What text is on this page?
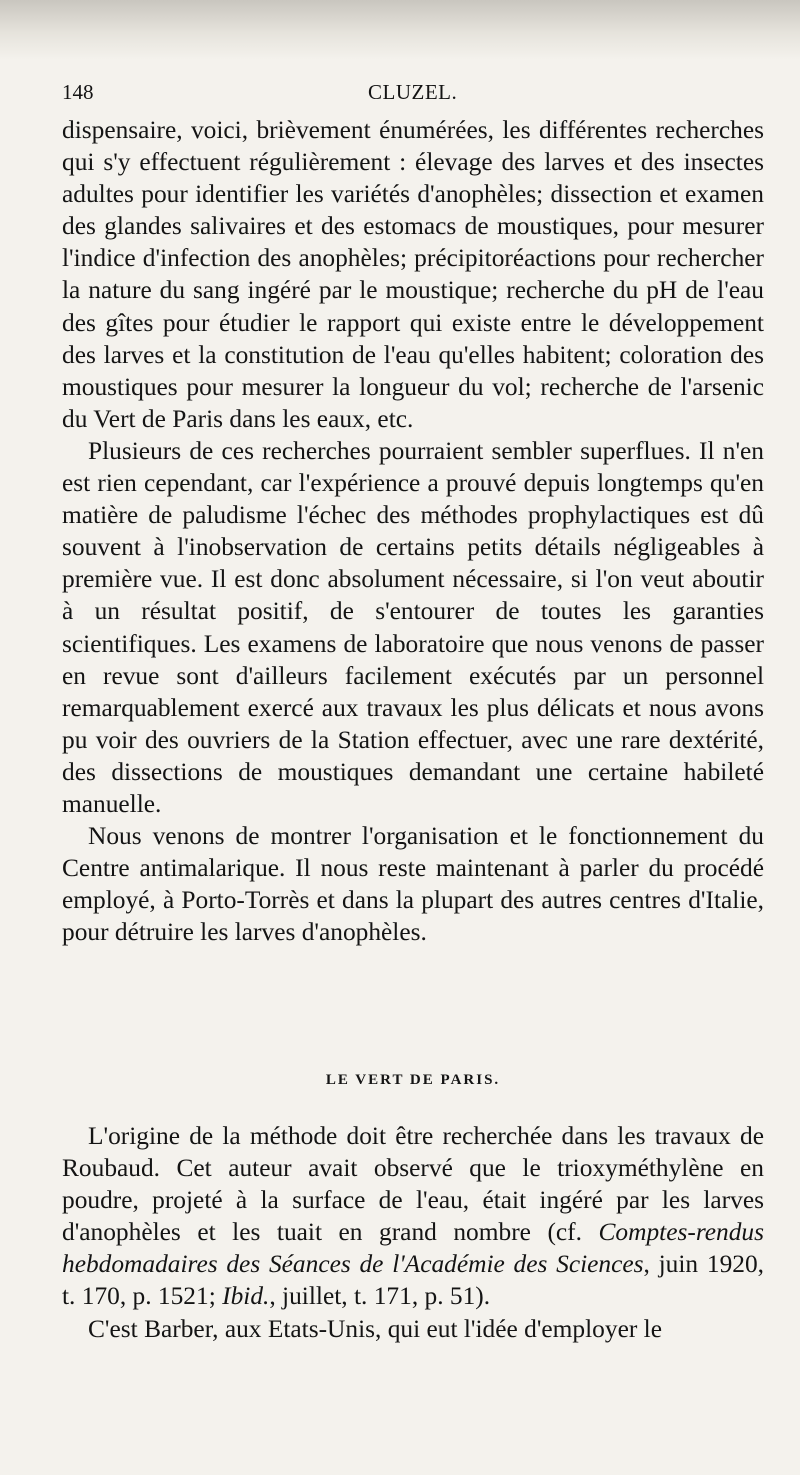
148	CLUZEL.

dispensaire, voici, brièvement énumérées, les différentes recherches qui s'y effectuent régulièrement : élevage des larves et des insectes adultes pour identifier les variétés d'anophèles; dissection et examen des glandes salivaires et des estomacs de moustiques, pour mesurer l'indice d'infection des anophèles; précipitoréactions pour rechercher la nature du sang ingéré par le moustique; recherche du pH de l'eau des gîtes pour étudier le rapport qui existe entre le développement des larves et la constitution de l'eau qu'elles habitent; coloration des moustiques pour mesurer la longueur du vol; recherche de l'arsenic du Vert de Paris dans les eaux, etc.

Plusieurs de ces recherches pourraient sembler superflues. Il n'en est rien cependant, car l'expérience a prouvé depuis longtemps qu'en matière de paludisme l'échec des méthodes prophylactiques est dû souvent à l'inobservation de certains petits détails négligeables à première vue. Il est donc absolument nécessaire, si l'on veut aboutir à un résultat positif, de s'entourer de toutes les garanties scientifiques. Les examens de laboratoire que nous venons de passer en revue sont d'ailleurs facilement exécutés par un personnel remarquablement exercé aux travaux les plus délicats et nous avons pu voir des ouvriers de la Station effectuer, avec une rare dextérité, des dissections de moustiques demandant une certaine habileté manuelle.

Nous venons de montrer l'organisation et le fonctionnement du Centre antimalarique. Il nous reste maintenant à parler du procédé employé, à Porto-Torrès et dans la plupart des autres centres d'Italie, pour détruire les larves d'anophèles.

LE VERT DE PARIS.

L'origine de la méthode doit être recherchée dans les travaux de Roubaud. Cet auteur avait observé que le trioxyméthylène en poudre, projeté à la surface de l'eau, était ingéré par les larves d'anophèles et les tuait en grand nombre (cf. Comptes-rendus hebdomadaires des Séances de l'Académie des Sciences, juin 1920, t. 170, p. 1521; Ibid., juillet, t. 171, p. 51).

C'est Barber, aux Etats-Unis, qui eut l'idée d'employer le
